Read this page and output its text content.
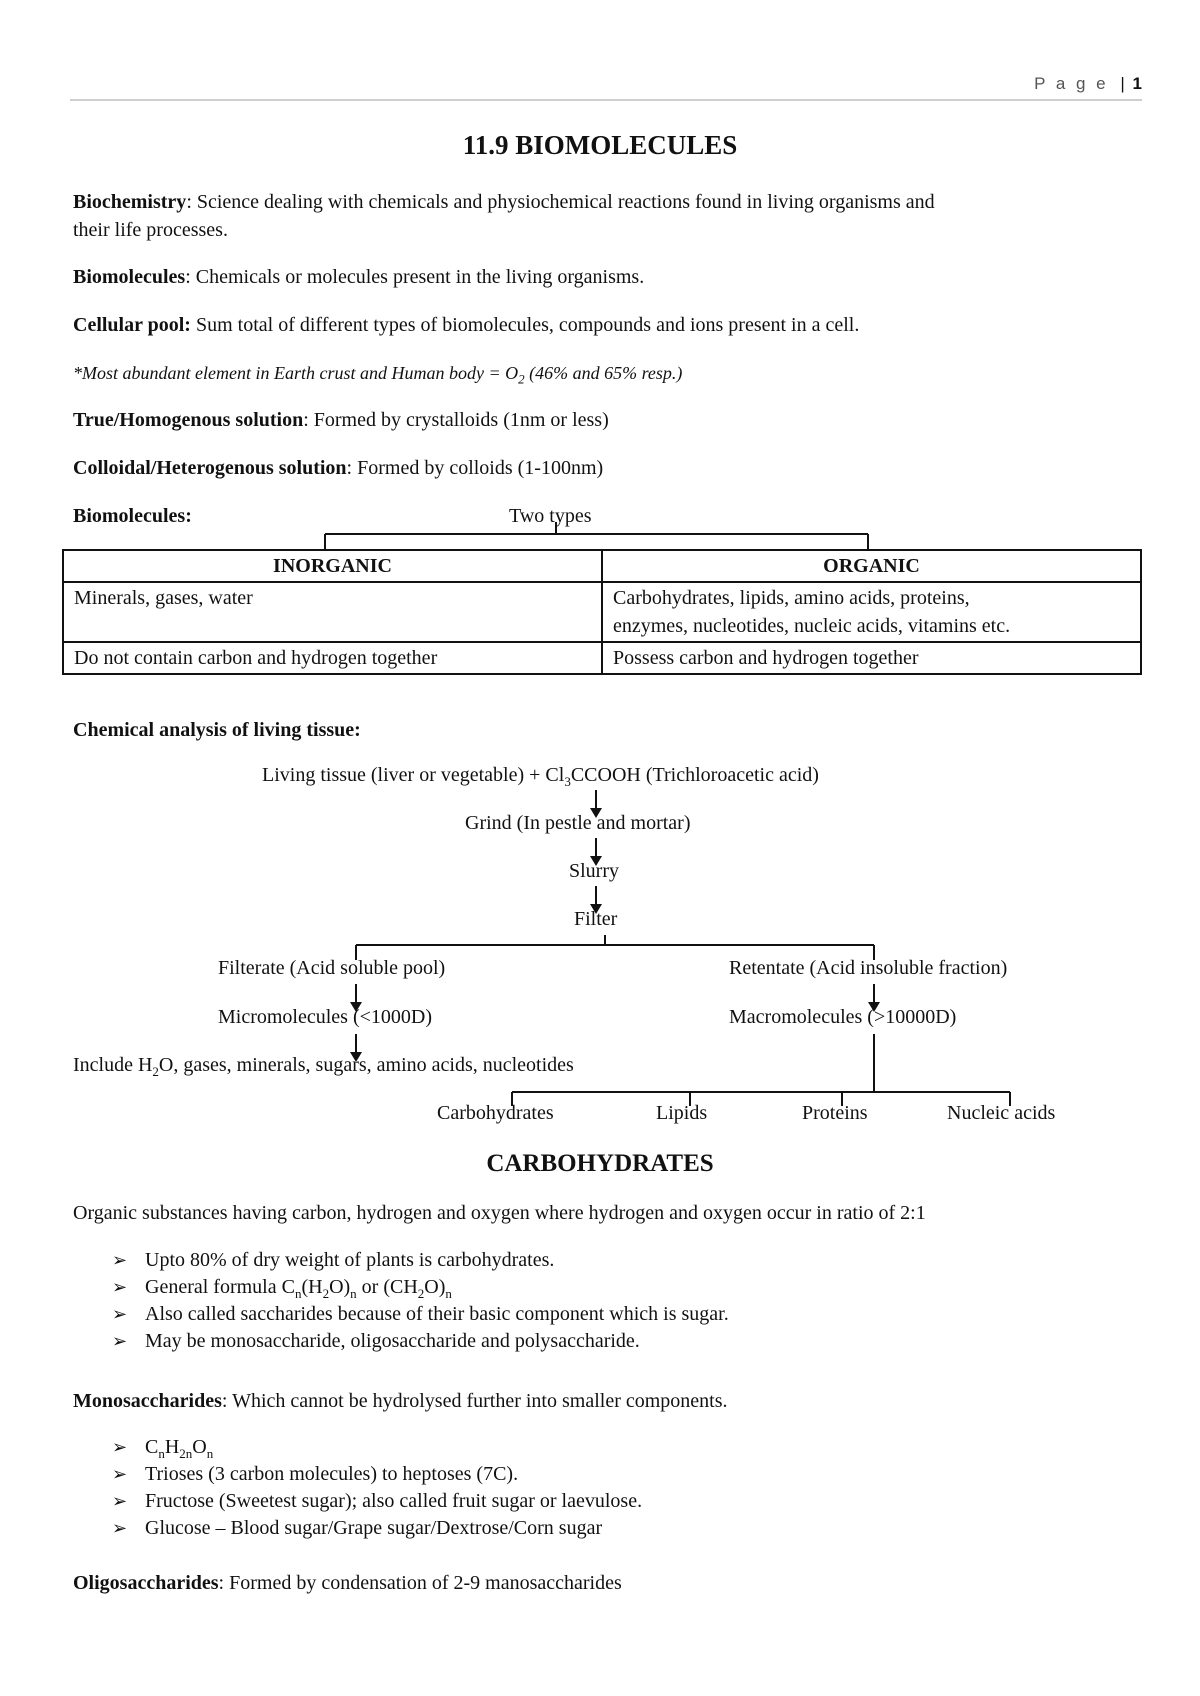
P a g e | 1
11.9 BIOMOLECULES
Biochemistry: Science dealing with chemicals and physiochemical reactions found in living organisms and
their life processes.
Biomolecules: Chemicals or molecules present in the living organisms.
Cellular pool: Sum total of different types of biomolecules, compounds and ions present in a cell.
*Most abundant element in Earth crust and Human body = $O_2$ (46% and 65% resp.)
True/Homogenous solution: Formed by crystalloids (1nm or less)
Colloidal/Heterogenous solution: Formed by colloids (1-100nm)
Biomolecules:	Two types
INORGANIC	ORGANIC
Minerals, gases, water	Carbohydrates, lipids, amino acids, proteins,
enzymes, nucleotides, nucleic acids, vitamins etc.
Do not contain carbon and hydrogen together	Possess carbon and hydrogen together
Chemical analysis of living tissue:
Living tissue (liver or vegetable) + $Cl_3CCOOH$ (Trichloroacetic acid)
Grind (In pestle and mortar)
Slurry
Filter
Filterate (Acid soluble pool)	Retentate (Acid insoluble fraction)
Micromolecules (<1000D)	Macromolecules (>10000D)
Include $H_2O$, gases, minerals, sugars, amino acids, nucleotides
Carbohydrates	Lipids	Proteins	Nucleic acids
CARBOHYDRATES
Organic substances having carbon, hydrogen and oxygen where hydrogen and oxygen occur in ratio of 2:1
➢ Upto 80% of dry weight of plants is carbohydrates.
➢ General formula $C_n(H_2O)_n$ or $(CH_2O)_n$
➢ Also called saccharides because of their basic component which is sugar.
➢ May be monosaccharide, oligosaccharide and polysaccharide.
Monosaccharides: Which cannot be hydrolysed further into smaller components.
➢ $C_nH_{2n}O_n$
➢ Trioses (3 carbon molecules) to heptoses (7C).
➢ Fructose (Sweetest sugar); also called fruit sugar or laevulose.
➢ Glucose – Blood sugar/Grape sugar/Dextrose/Corn sugar
Oligosaccharides: Formed by condensation of 2-9 manosaccharides
